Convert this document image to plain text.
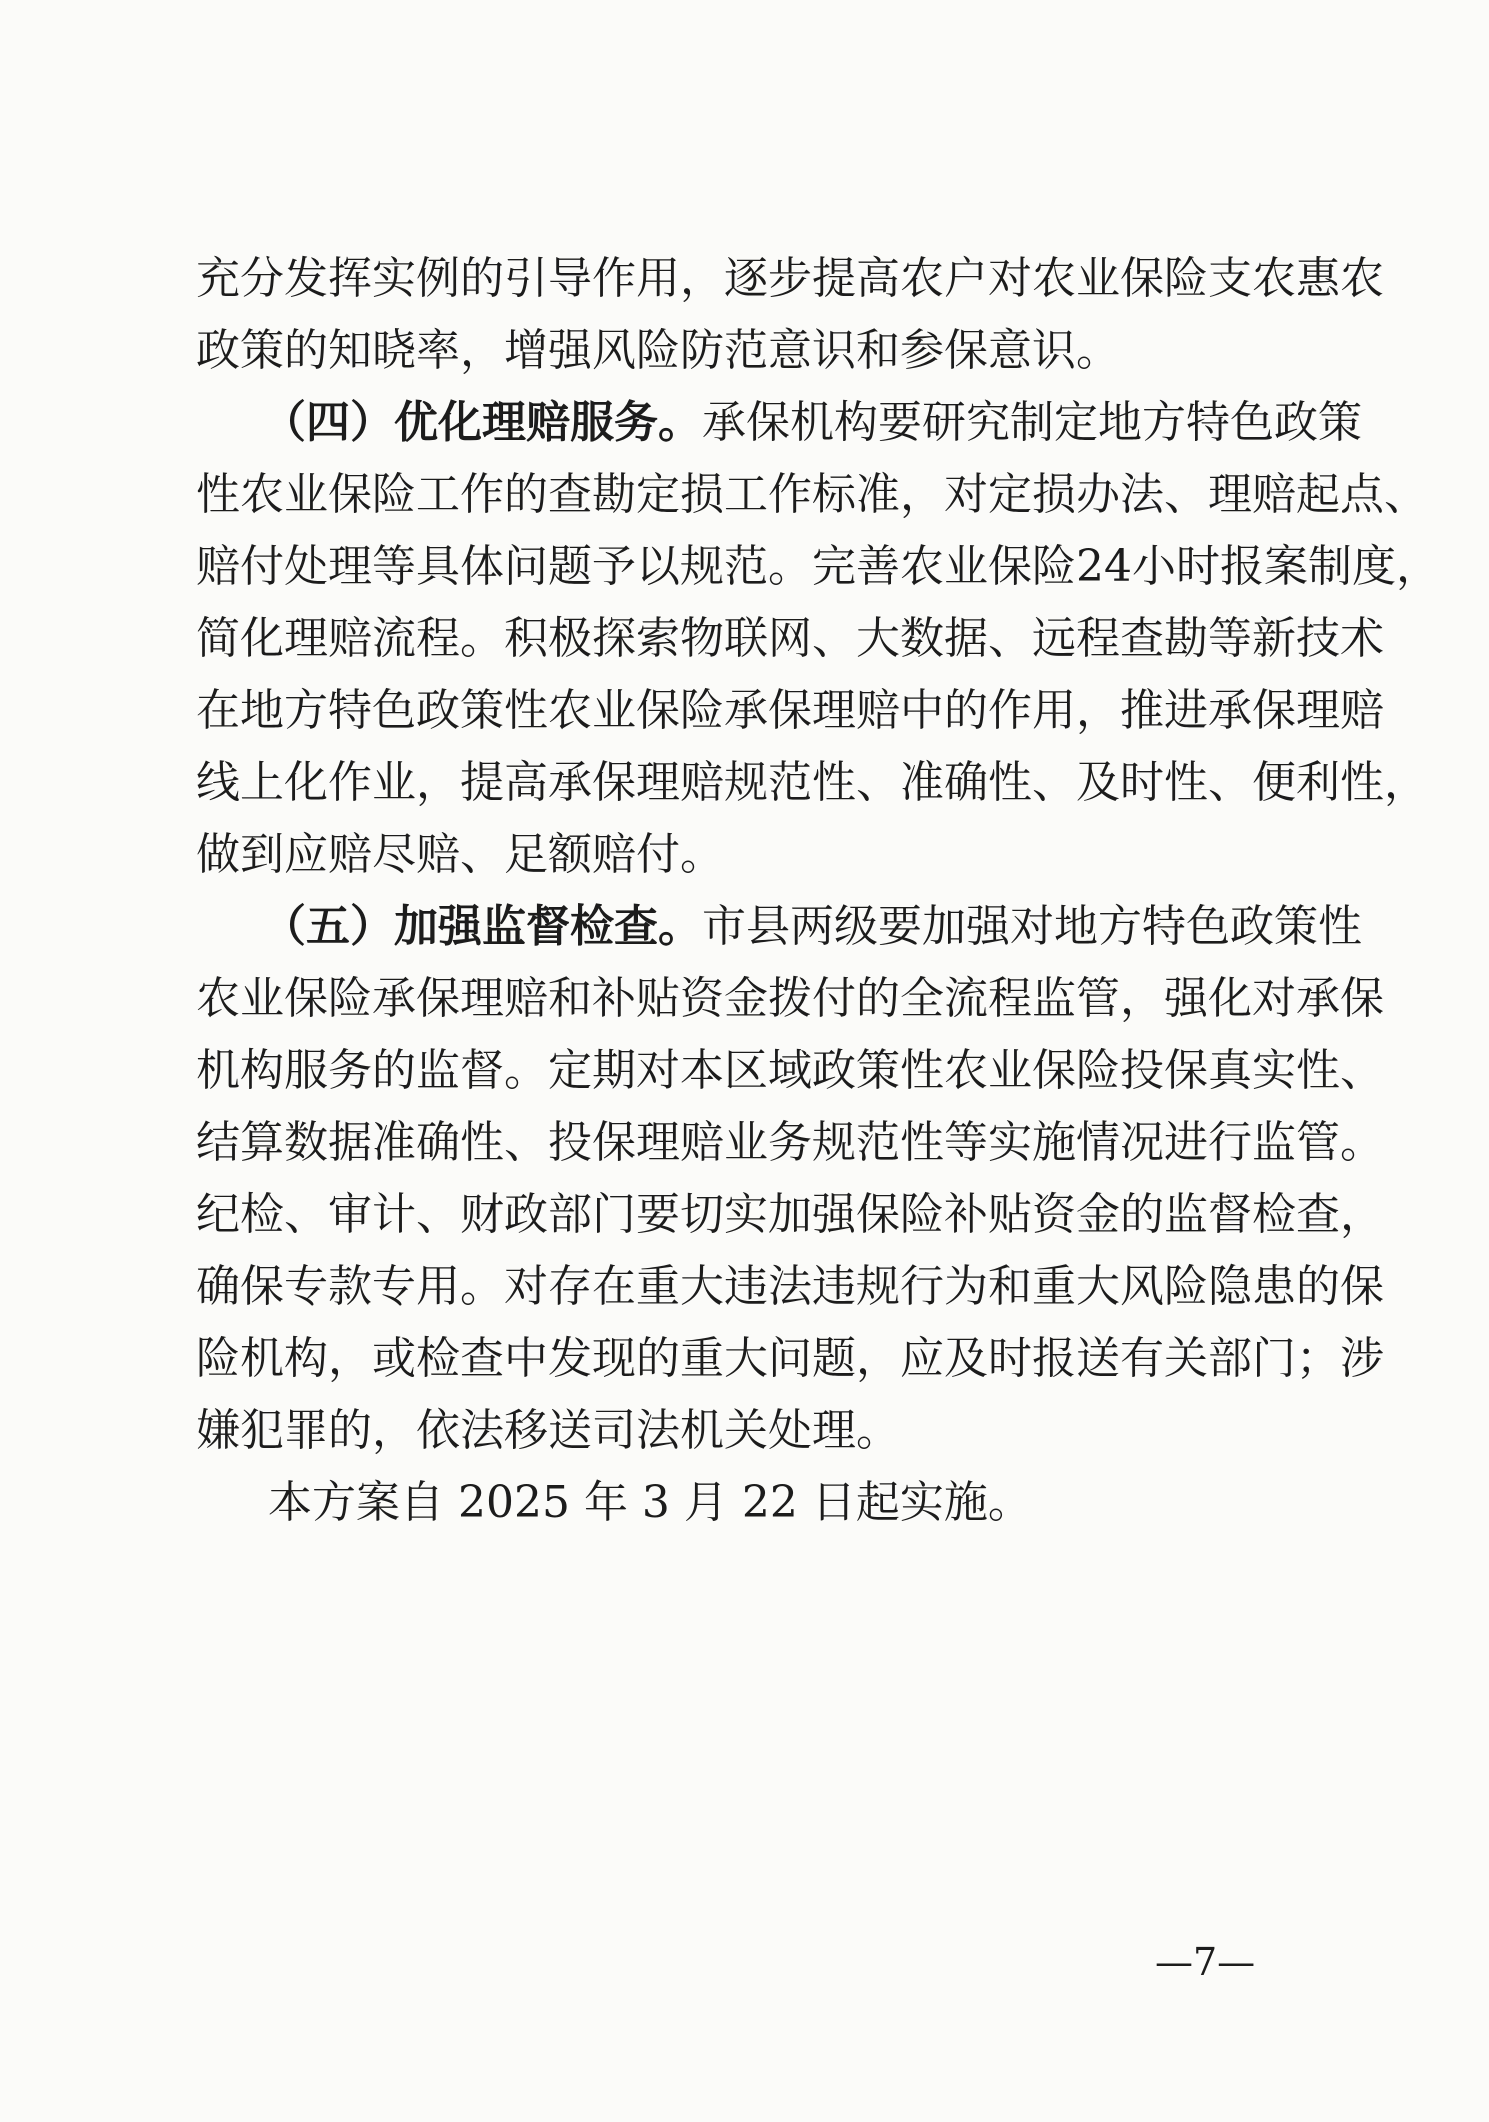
充分发挥实例的引导作用，逐步提高农户对农业保险支农惠农
政策的知晓率，增强风险防范意识和参保意识。
（四）优化理赔服务。承保机构要研究制定地方特色政策
性农业保险工作的查勘定损工作标准，对定损办法、理赔起点、
赔付处理等具体问题予以规范。完善农业保险24小时报案制度，
简化理赔流程。积极探索物联网、大数据、远程查勘等新技术
在地方特色政策性农业保险承保理赔中的作用，推进承保理赔
线上化作业，提高承保理赔规范性、准确性、及时性、便利性，
做到应赔尽赔、足额赔付。
（五）加强监督检查。市县两级要加强对地方特色政策性
农业保险承保理赔和补贴资金拨付的全流程监管，强化对承保
机构服务的监督。定期对本区域政策性农业保险投保真实性、
结算数据准确性、投保理赔业务规范性等实施情况进行监管。
纪检、审计、财政部门要切实加强保险补贴资金的监督检查，
确保专款专用。对存在重大违法违规行为和重大风险隐患的保
险机构，或检查中发现的重大问题，应及时报送有关部门；涉
嫌犯罪的，依法移送司法机关处理。
本方案自 2025 年 3 月 22 日起实施。
—7—
